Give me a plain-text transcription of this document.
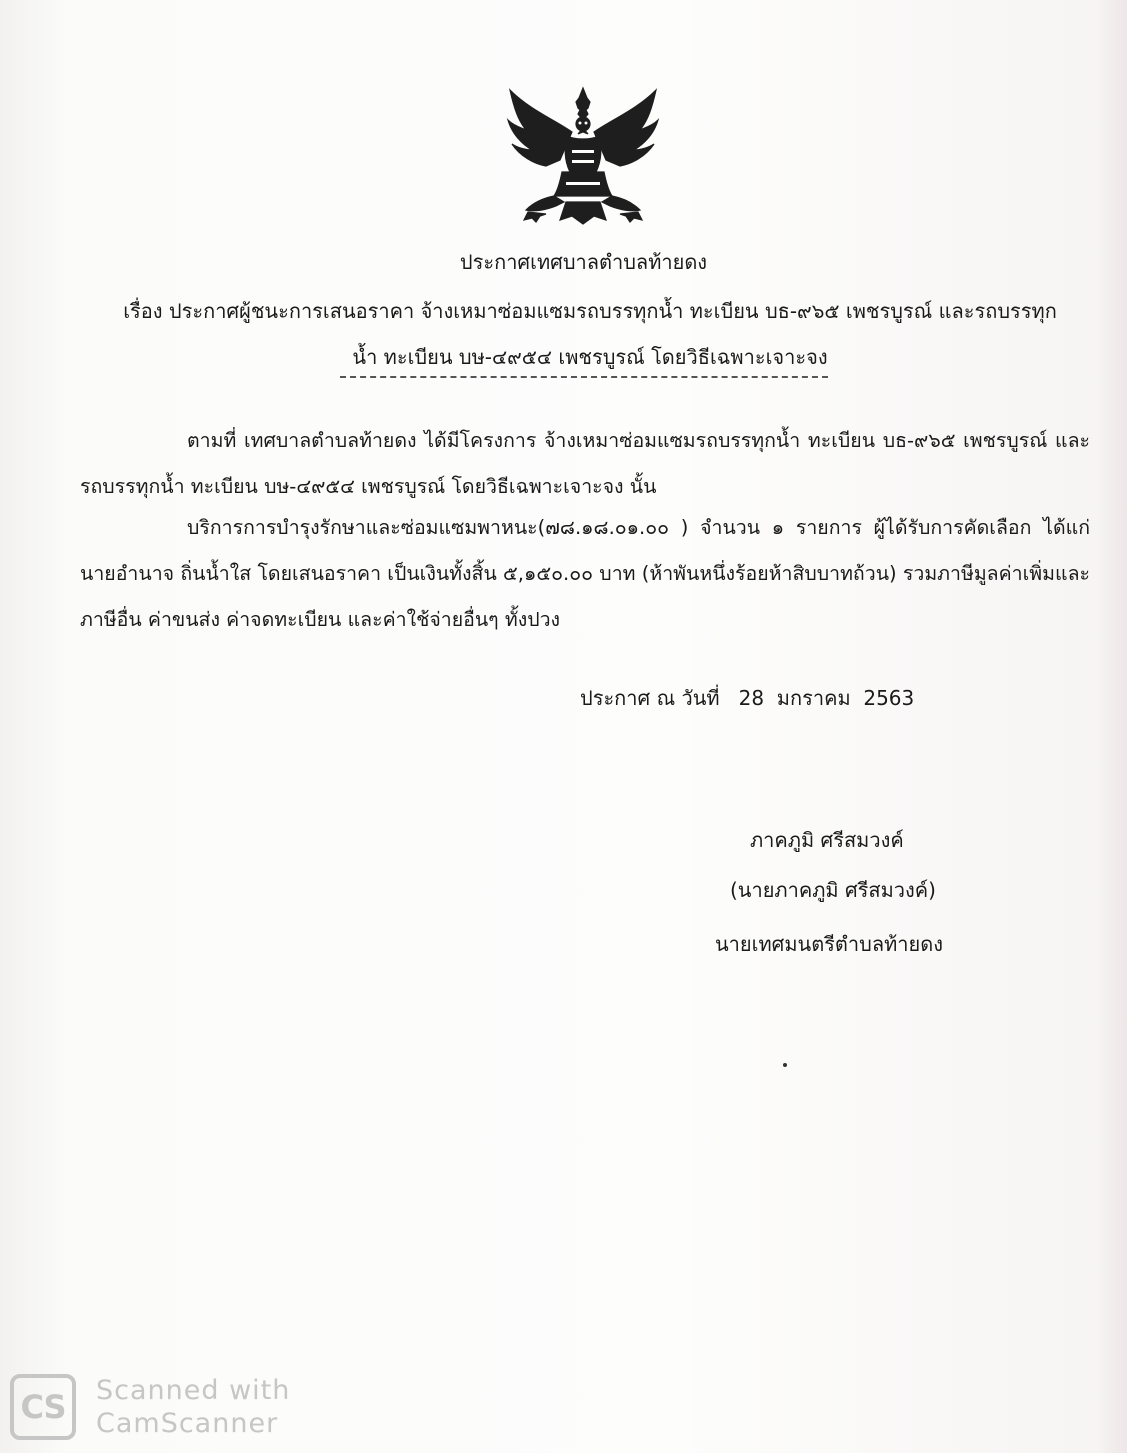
ประกาศเทศบาลตำบลท้ายดง
เรื่อง ประกาศผู้ชนะการเสนอราคา จ้างเหมาซ่อมแซมรถบรรทุกน้ำ ทะเบียน บธ-๙๖๕ เพชรบูรณ์ และรถบรรทุก
น้ำ ทะเบียน บษ-๔๙๕๔ เพชรบูรณ์ โดยวิธีเฉพาะเจาะจง
ตามที่ เทศบาลตำบลท้ายดง ได้มีโครงการ จ้างเหมาซ่อมแซมรถบรรทุกน้ำ ทะเบียน บธ-๙๖๕ เพชรบูรณ์ และรถบรรทุกน้ำ ทะเบียน บษ-๔๙๕๔ เพชรบูรณ์ โดยวิธีเฉพาะเจาะจง นั้น
บริการการบำรุงรักษาและซ่อมแซมพาหนะ(๗๘.๑๘.๐๑.๐๐ ) จำนวน ๑ รายการ ผู้ได้รับการคัดเลือก ได้แก่ นายอำนาจ ถิ่นน้ำใส โดยเสนอราคา เป็นเงินทั้งสิ้น ๕,๑๕๐.๐๐ บาท (ห้าพันหนึ่งร้อยห้าสิบบาทถ้วน) รวมภาษีมูลค่าเพิ่มและภาษีอื่น ค่าขนส่ง ค่าจดทะเบียน และค่าใช้จ่ายอื่นๆ ทั้งปวง
ประกาศ ณ วันที่   28  มกราคม  2563
ภาคภูมิ ศรีสมวงค์
(นายภาคภูมิ ศรีสมวงค์)
นายเทศมนตรีตำบลท้ายดง
CS	Scanned with
CamScanner
